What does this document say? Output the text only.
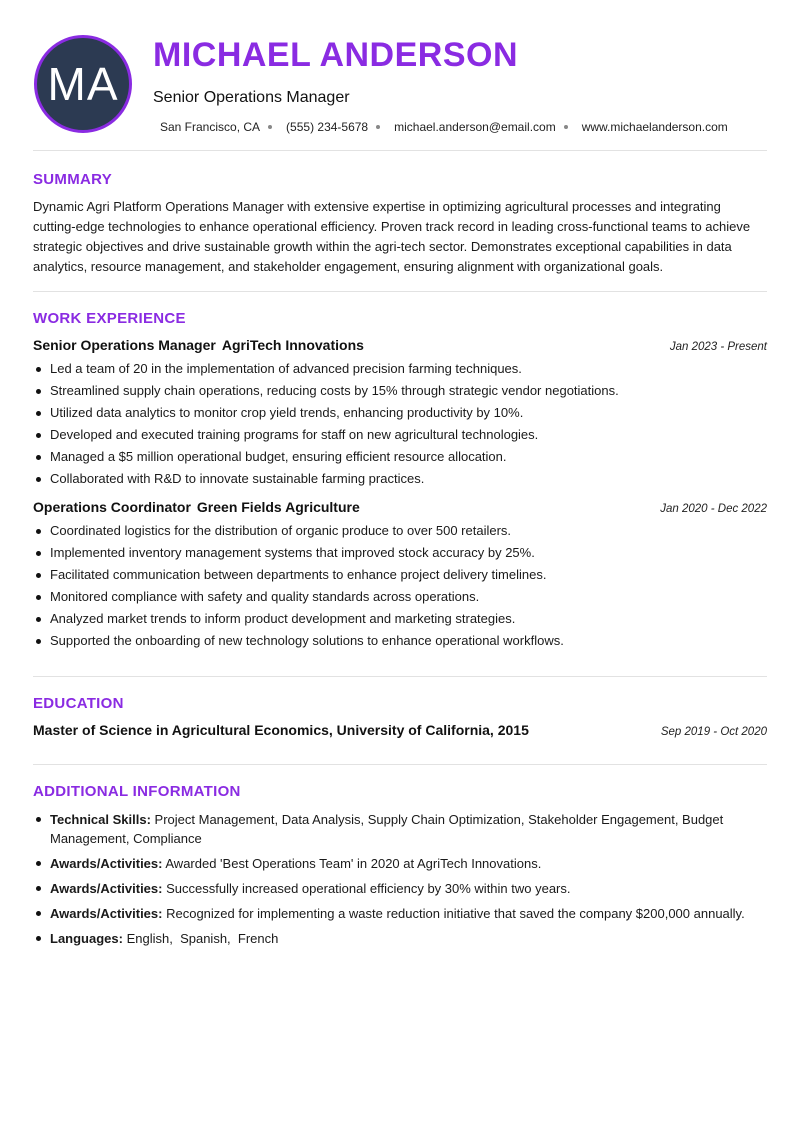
MA
MICHAEL ANDERSON
Senior Operations Manager
San Francisco, CA (555) 234-5678 michael.anderson@email.com www.michaelanderson.com
SUMMARY

Dynamic Agri Platform Operations Manager with extensive expertise in optimizing agricultural processes and integrating cutting-edge technologies to enhance operational efficiency. Proven track record in leading cross-functional teams to achieve strategic objectives and drive sustainable growth within the agri-tech sector. Demonstrates exceptional capabilities in data analytics, resource management, and stakeholder engagement, ensuring alignment with organizational goals.

WORK EXPERIENCE
Senior Operations Manager AgriTech Innovations	Jan 2023 - Present
Led a team of 20 in the implementation of advanced precision farming techniques.
Streamlined supply chain operations, reducing costs by 15% through strategic vendor negotiations.
Utilized data analytics to monitor crop yield trends, enhancing productivity by 10%.
Developed and executed training programs for staff on new agricultural technologies.
Managed a $5 million operational budget, ensuring efficient resource allocation.
Collaborated with R&D to innovate sustainable farming practices.
Operations Coordinator Green Fields Agriculture	Jan 2020 - Dec 2022
Coordinated logistics for the distribution of organic produce to over 500 retailers.
Implemented inventory management systems that improved stock accuracy by 25%.
Facilitated communication between departments to enhance project delivery timelines.
Monitored compliance with safety and quality standards across operations.
Analyzed market trends to inform product development and marketing strategies.
Supported the onboarding of new technology solutions to enhance operational workflows.
EDUCATION
Master of Science in Agricultural Economics, University of California, 2015	Sep 2019 - Oct 2020
ADDITIONAL INFORMATION
Technical Skills: Project Management, Data Analysis, Supply Chain Optimization, Stakeholder Engagement, Budget Management, Compliance
Awards/Activities: Awarded 'Best Operations Team' in 2020 at AgriTech Innovations.
Awards/Activities: Successfully increased operational efficiency by 30% within two years.
Awards/Activities: Recognized for implementing a waste reduction initiative that saved the company $200,000 annually.
Languages: English,  Spanish,  French
